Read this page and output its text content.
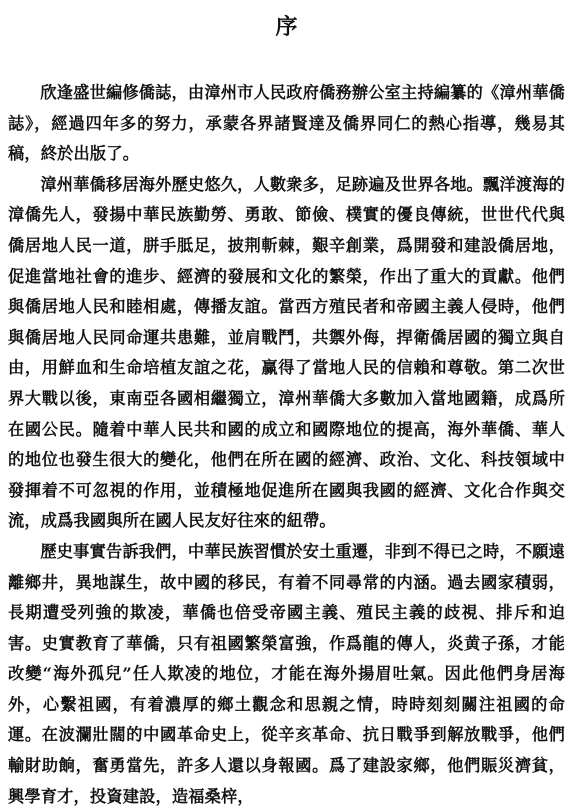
序

欣逢盛世編修僑誌，由漳州市人民政府僑務辦公室主持編纂的《漳州華僑誌》，經過四年多的努力，承蒙各界諸賢達及僑界同仁的熱心指導，幾易其稿，終於出版了。

漳州華僑移居海外歷史悠久，人數衆多，足跡遍及世界各地。飄洋渡海的漳僑先人，發揚中華民族勤勞、勇敢、節儉、樸實的優良傳統，世世代代與僑居地人民一道，胼手胝足，披荆斬棘，艱辛創業，爲開發和建設僑居地，促進當地社會的進步、經濟的發展和文化的繁榮，作出了重大的貢獻。他們與僑居地人民和睦相處，傳播友誼。當西方殖民者和帝國主義人侵時，他們與僑居地人民同命運共患難，並肩戰鬥，共禦外侮，捍衛僑居國的獨立與自由，用鮮血和生命培植友誼之花，赢得了當地人民的信賴和尊敬。第二次世界大戰以後，東南亞各國相繼獨立，漳州華僑大多數加入當地國籍，成爲所在國公民。隨着中華人民共和國的成立和國際地位的提高，海外華僑、華人的地位也發生很大的變化，他們在所在國的經濟、政治、文化、科技領域中發揮着不可忽視的作用，並積極地促進所在國與我國的經濟、文化合作與交流，成爲我國與所在國人民友好往來的紐帶。

歷史事實告訴我們，中華民族習慣於安土重遷，非到不得已之時，不願遠離鄉井，異地謀生，故中國的移民，有着不同尋常的内涵。過去國家積弱，長期遭受列強的欺凌，華僑也倍受帝國主義、殖民主義的歧視、排斥和迫害。史實教育了華僑，只有祖國繁榮富強，作爲龍的傳人，炎黄子孫，才能改變“海外孤兒”任人欺凌的地位，才能在海外揚眉吐氣。因此他們身居海外，心繫祖國，有着濃厚的鄉土觀念和思親之情，時時刻刻關注祖國的命運。在波瀾壯闊的中國革命史上，從辛亥革命、抗日戰爭到解放戰爭，他們輸財助餉，奮勇當先，許多人還以身報國。爲了建設家鄉，他們賑災濟貧，興學育才，投資建設，造福桑梓，
